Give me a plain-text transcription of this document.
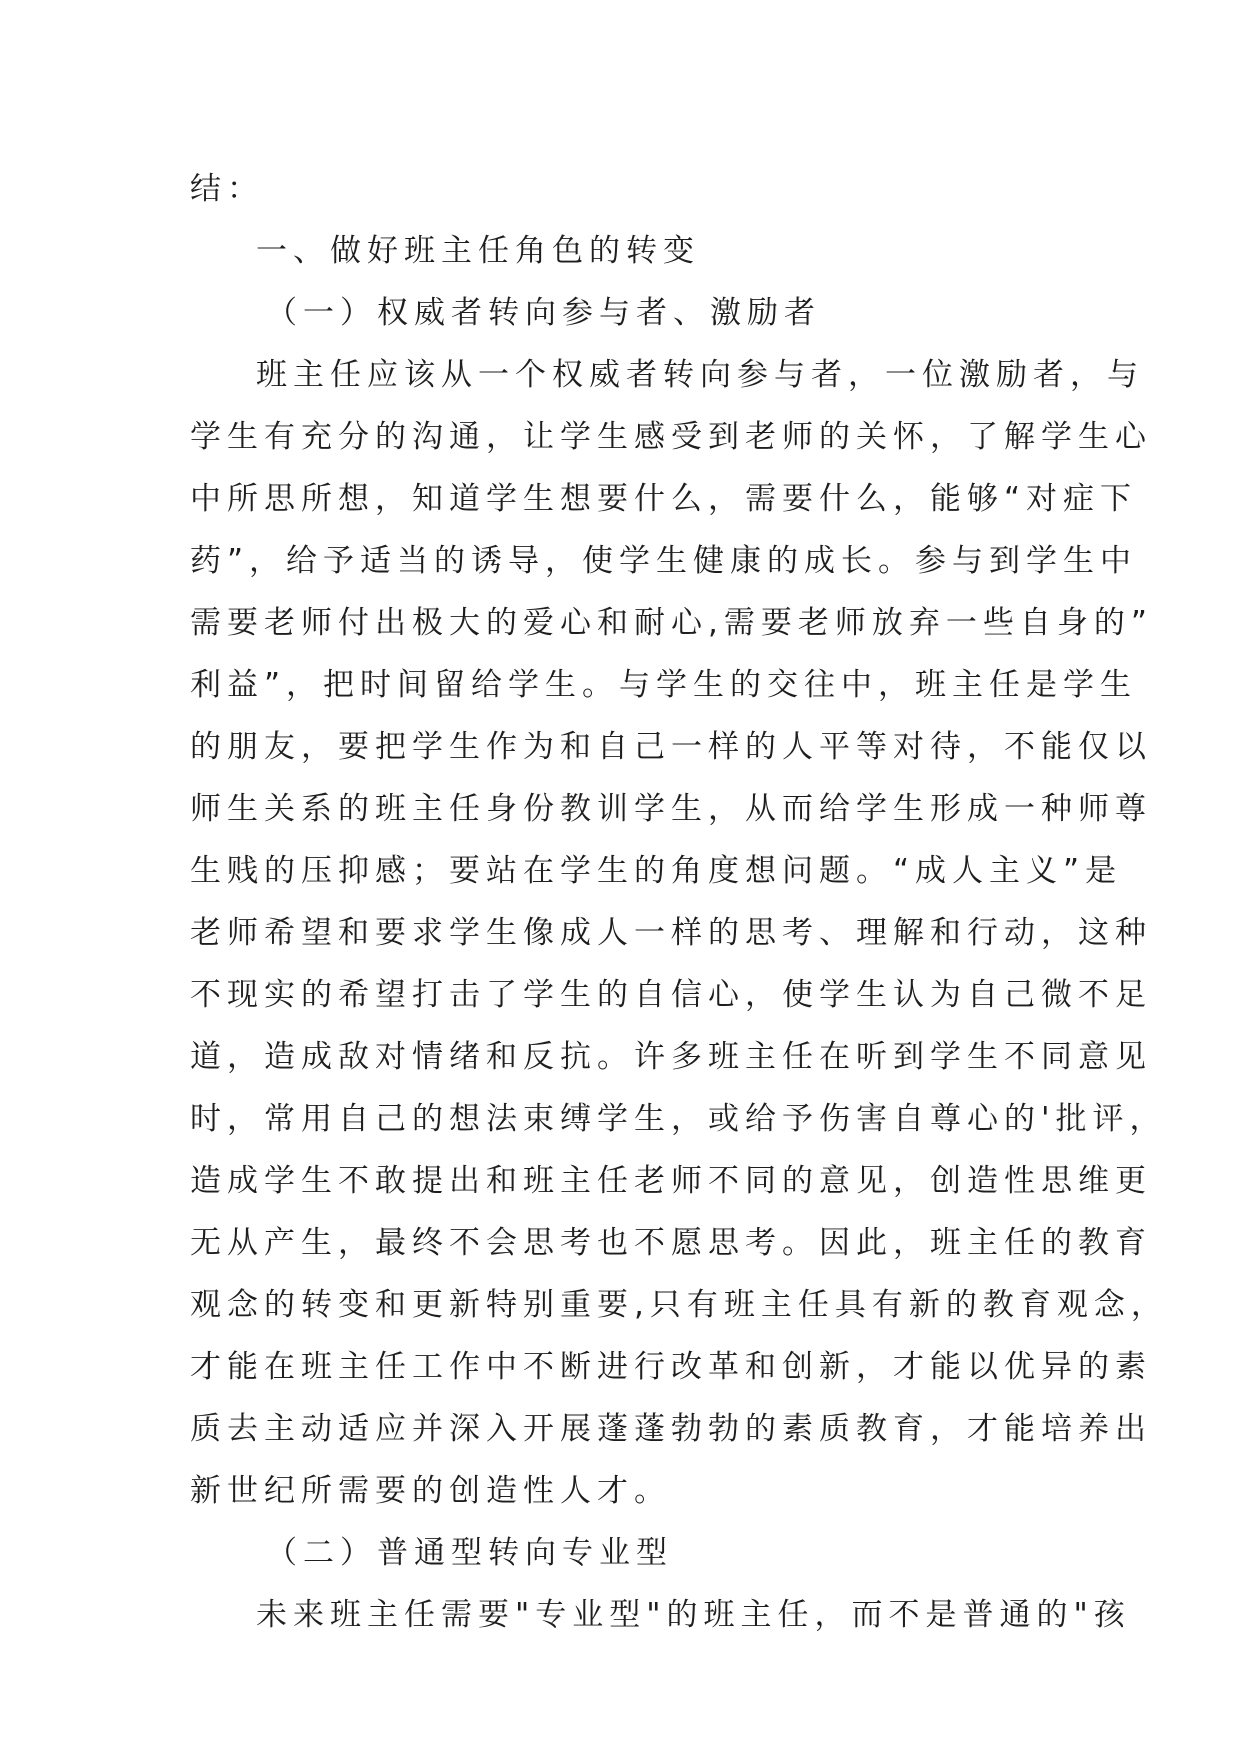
结：
一、做好班主任角色的转变
（一）权威者转向参与者、激励者
班主任应该从一个权威者转向参与者，一位激励者，与
学生有充分的沟通，让学生感受到老师的关怀，了解学生心
中所思所想，知道学生想要什么，需要什么，能够“对症下
药”，给予适当的诱导，使学生健康的成长。参与到学生中
需要老师付出极大的爱心和耐心,需要老师放弃一些自身的”
利益”，把时间留给学生。与学生的交往中，班主任是学生
的朋友，要把学生作为和自己一样的人平等对待，不能仅以
师生关系的班主任身份教训学生，从而给学生形成一种师尊
生贱的压抑感；要站在学生的角度想问题。“成人主义”是
老师希望和要求学生像成人一样的思考、理解和行动，这种
不现实的希望打击了学生的自信心，使学生认为自己微不足
道，造成敌对情绪和反抗。许多班主任在听到学生不同意见
时，常用自己的想法束缚学生，或给予伤害自尊心的'批评，
造成学生不敢提出和班主任老师不同的意见，创造性思维更
无从产生，最终不会思考也不愿思考。因此，班主任的教育
观念的转变和更新特别重要,只有班主任具有新的教育观念，
才能在班主任工作中不断进行改革和创新，才能以优异的素
质去主动适应并深入开展蓬蓬勃勃的素质教育，才能培养出
新世纪所需要的创造性人才。
（二）普通型转向专业型
未来班主任需要"专业型"的班主任，而不是普通的"孩
